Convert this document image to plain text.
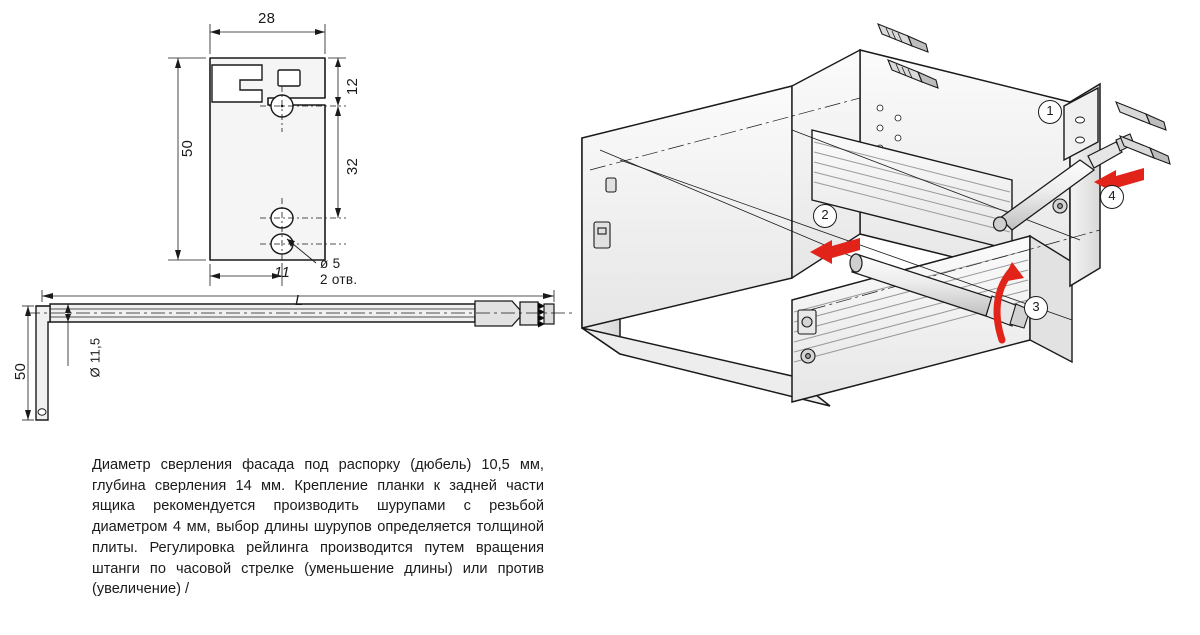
28
50
12
32
11
ø 5
2 отв.
L
50	Ø 11,5
1
2
3
4
Диаметр сверления фасада под распорку (дюбель) 10,5 мм, глубина сверления 14 мм. Крепление планки к задней части ящика рекомендуется производить шурупами с резьбой диаметром 4 мм, выбор длины шурупов определяется толщиной плиты. Регулировка рейлинга производится путем вращения штанги по часовой стрелке (уменьшение длины) или против (увеличение) /
